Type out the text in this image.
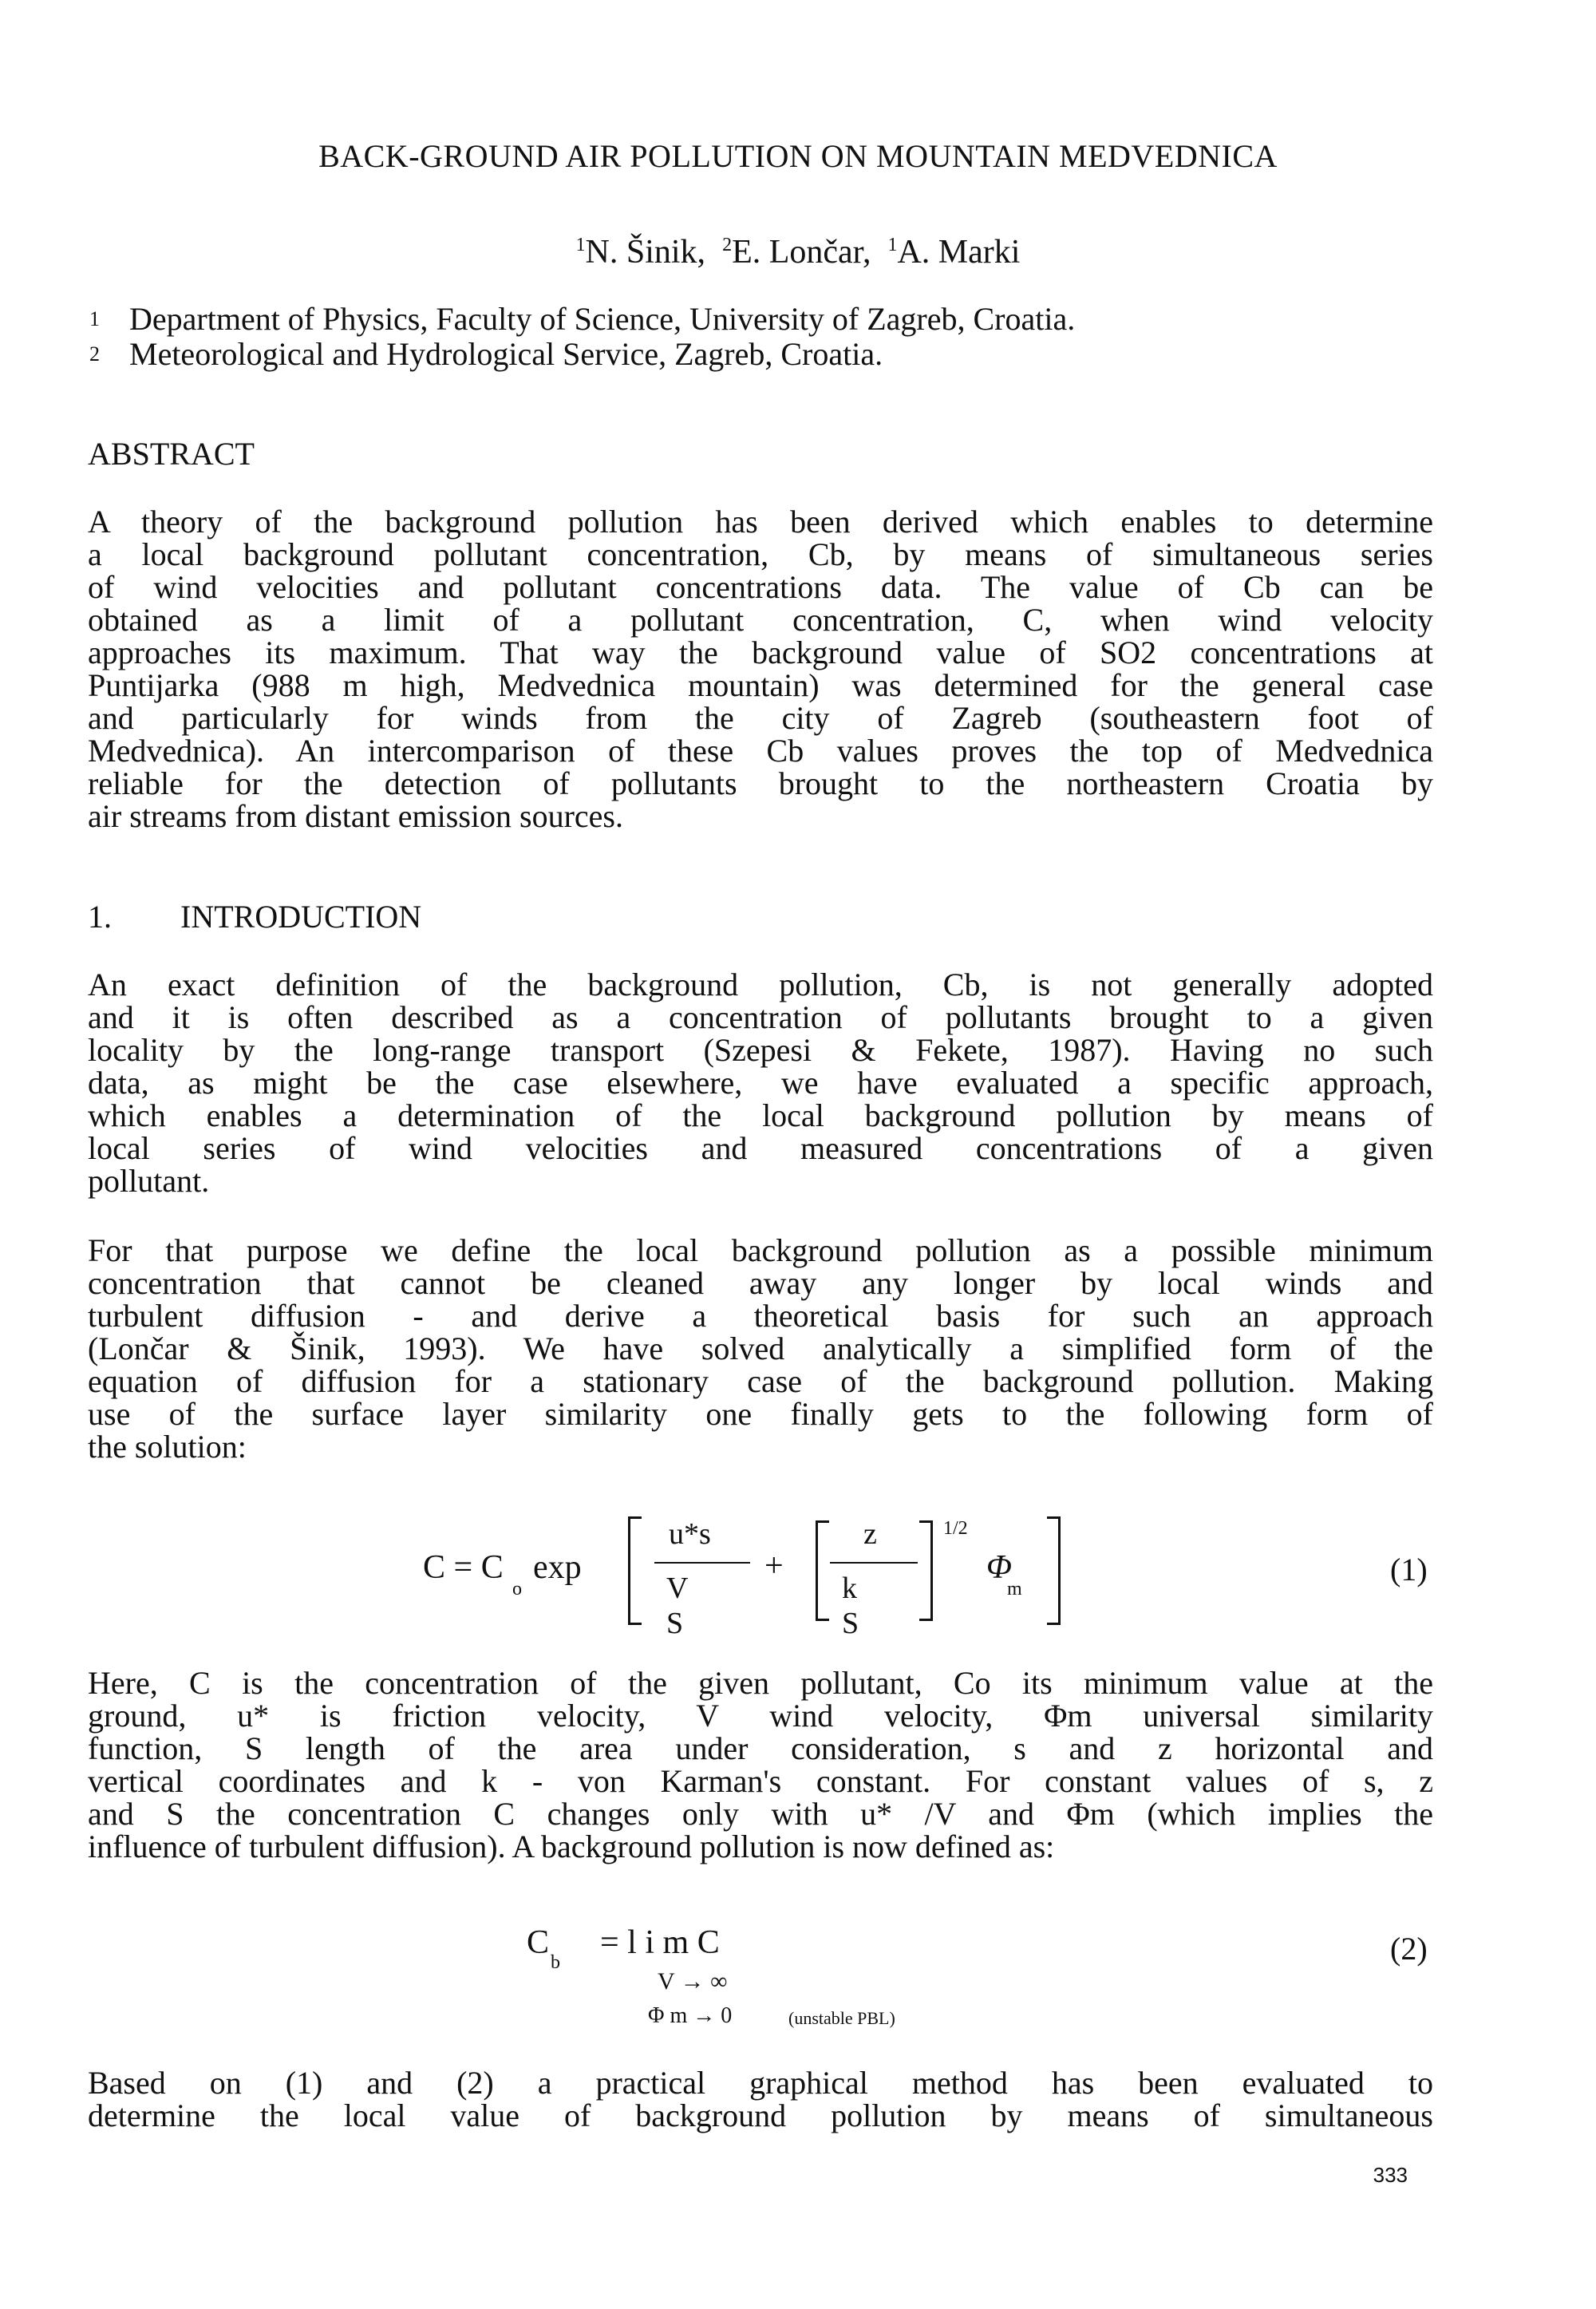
BACK-GROUND AIR POLLUTION ON MOUNTAIN MEDVEDNICA
$^1$N. Šinik, $^2$E. Lončar, $^1$A. Marki
1 Department of Physics, Faculty of Science, University of Zagreb, Croatia.
2 Meteorological and Hydrological Service, Zagreb, Croatia.
ABSTRACT
A theory of the background pollution has been derived which enables to determine
a local background pollutant concentration, Cb, by means of simultaneous series
of wind velocities and pollutant concentrations data. The value of Cb can be
obtained as a limit of a pollutant concentration, C, when wind velocity
approaches its maximum. That way the background value of SO2 concentrations at
Puntijarka (988 m high, Medvednica mountain) was determined for the general case
and particularly for winds from the city of Zagreb (southeastern foot of
Medvednica). An intercomparison of these Cb values proves the top of Medvednica
reliable for the detection of pollutants brought to the northeastern Croatia by
air streams from distant emission sources.
1. INTRODUCTION
An exact definition of the background pollution, Cb, is not generally adopted
and it is often described as a concentration of pollutants brought to a given
locality by the long-range transport (Szepesi & Fekete, 1987). Having no such
data, as might be the case elsewhere, we have evaluated a specific approach,
which enables a determination of the local background pollution by means of
local series of wind velocities and measured concentrations of a given
pollutant.
For that purpose we define the local background pollution as a possible minimum
concentration that cannot be cleaned away any longer by local winds and
turbulent diffusion - and derive a theoretical basis for such an approach
(Lončar & Šinik, 1993). We have solved analytically a simplified form of the
equation of diffusion for a stationary case of the background pollution. Making
use of the surface layer similarity one finally gets to the following form of
the solution:
C = C
o
exp
u*s
V S
+
z
k S
1/2
Φ
m
(1)
Here, C is the concentration of the given pollutant, Co its minimum value at the
ground, u* is friction velocity, V wind velocity, Φm universal similarity
function, S length of the area under consideration, s and z horizontal and
vertical coordinates and k - von Karman's constant. For constant values of s, z
and S the concentration C changes only with u* /V and Φm (which implies the
influence of turbulent diffusion). A background pollution is now defined as:
C
b
= l i m C
V → ∞
Φ m → 0	(unstable PBL)
(2)
Based on (1) and (2) a practical graphical method has been evaluated to
determine the local value of background pollution by means of simultaneous
333
